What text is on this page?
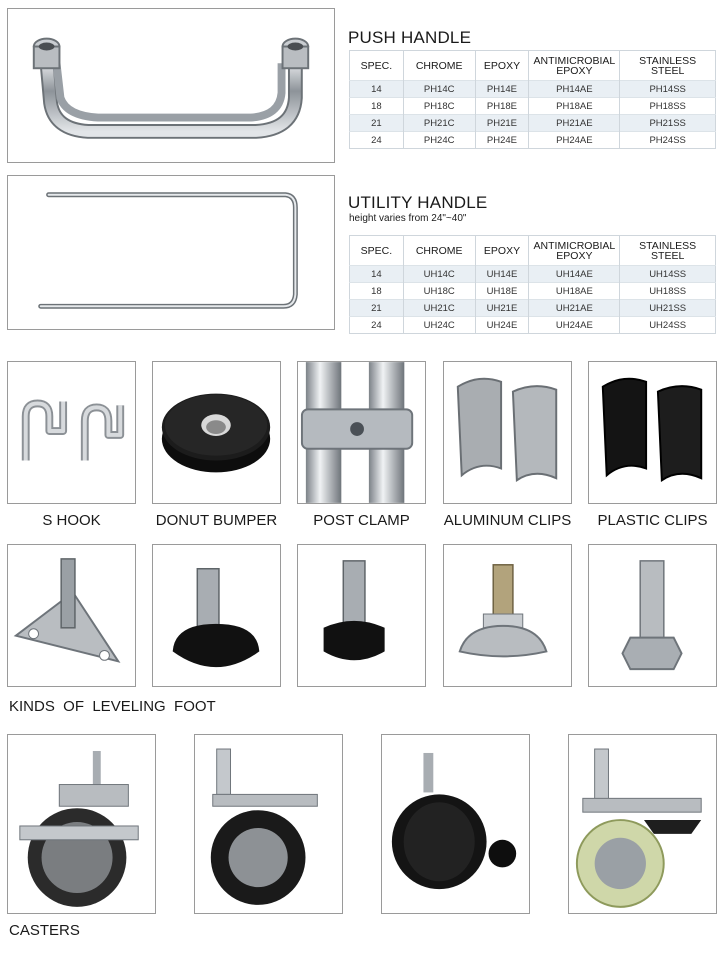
PUSH HANDLE
SPEC.	CHROME	EPOXY	ANTIMICROBIAL EPOXY	STAINLESS STEEL
14	PH14C	PH14E	PH14AE	PH14SS
18	PH18C	PH18E	PH18AE	PH18SS
21	PH21C	PH21E	PH21AE	PH21SS
24	PH24C	PH24E	PH24AE	PH24SS
UTILITY HANDLE
height varies from 24"~40"
SPEC.	CHROME	EPOXY	ANTIMICROBIAL EPOXY	STAINLESS STEEL
14	UH14C	UH14E	UH14AE	UH14SS
18	UH18C	UH18E	UH18AE	UH18SS
21	UH21C	UH21E	UH21AE	UH21SS
24	UH24C	UH24E	UH24AE	UH24SS
S HOOK	DONUT BUMPER	POST CLAMP	ALUMINUM CLIPS	PLASTIC CLIPS
KINDS  OF  LEVELING  FOOT
CASTERS
